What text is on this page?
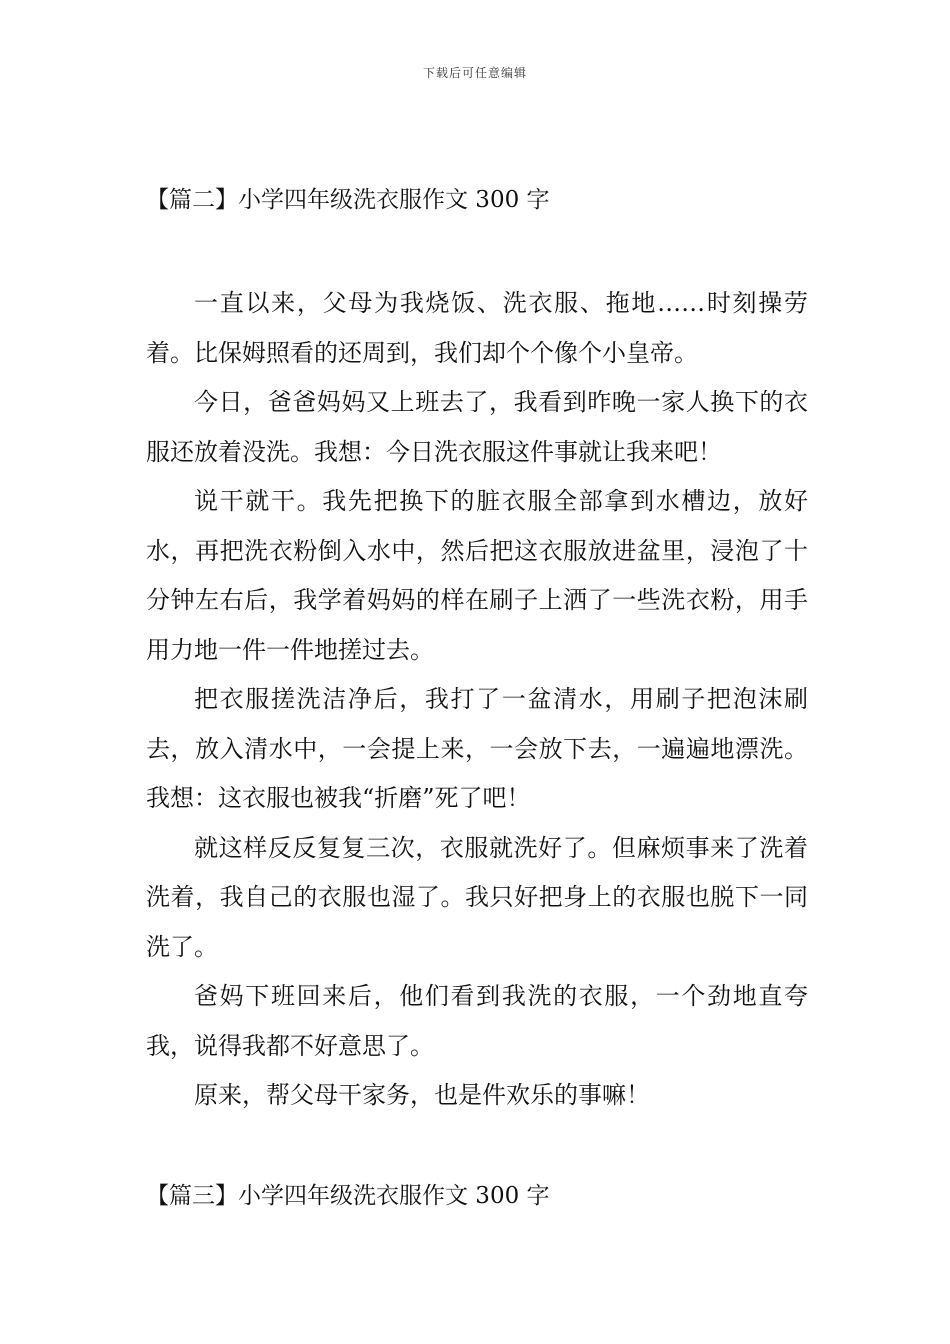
下载后可任意编辑
【篇二】小学四年级洗衣服作文 300 字

一直以来，父母为我烧饭、洗衣服、拖地……时刻操劳着。比保姆照看的还周到，我们却个个像个小皇帝。

今日，爸爸妈妈又上班去了，我看到昨晚一家人换下的衣服还放着没洗。我想：今日洗衣服这件事就让我来吧！

说干就干。我先把换下的脏衣服全部拿到水槽边，放好水，再把洗衣粉倒入水中，然后把这衣服放进盆里，浸泡了十分钟左右后，我学着妈妈的样在刷子上洒了一些洗衣粉，用手用力地一件一件地搓过去。

把衣服搓洗洁净后，我打了一盆清水，用刷子把泡沫刷去，放入清水中，一会提上来，一会放下去，一遍遍地漂洗。我想：这衣服也被我“折磨”死了吧！

就这样反反复复三次，衣服就洗好了。但麻烦事来了洗着洗着，我自己的衣服也湿了。我只好把身上的衣服也脱下一同洗了。

爸妈下班回来后，他们看到我洗的衣服，一个劲地直夸我，说得我都不好意思了。

原来，帮父母干家务，也是件欢乐的事嘛！

【篇三】小学四年级洗衣服作文 300 字
